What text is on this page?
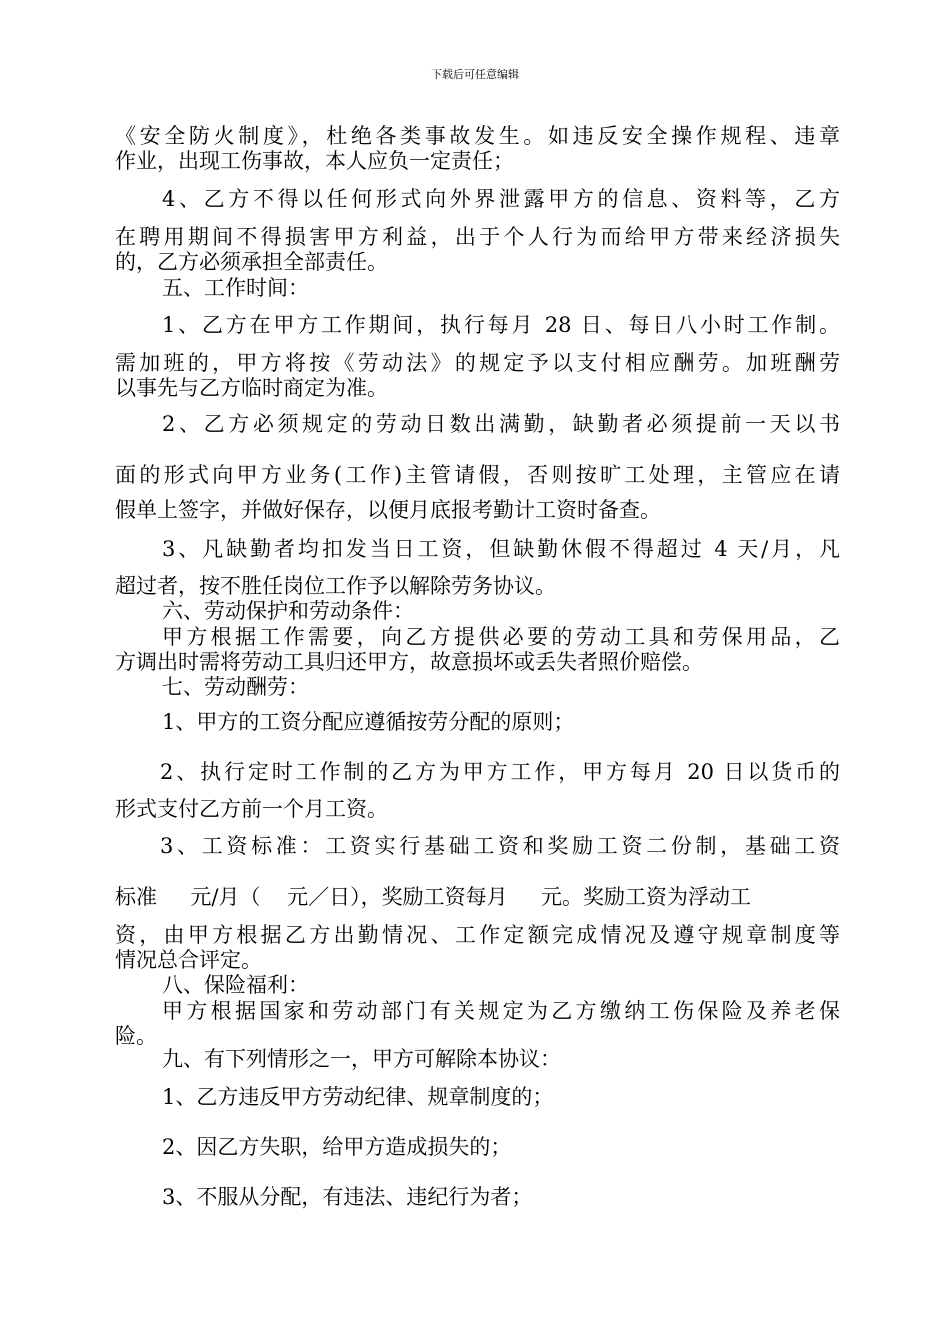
下载后可任意编辑
《安全防火制度》，杜绝各类事故发生。如违反安全操作规程、违章
作业，出现工伤事故，本人应负一定责任；
4、乙方不得以任何形式向外界泄露甲方的信息、资料等，乙方
在聘用期间不得损害甲方利益，出于个人行为而给甲方带来经济损失
的，乙方必须承担全部责任。
五、工作时间：
1、乙方在甲方工作期间，执行每月 28 日、每日八小时工作制。
需加班的，甲方将按《劳动法》的规定予以支付相应酬劳。加班酬劳
以事先与乙方临时商定为准。
2、乙方必须规定的劳动日数出满勤，缺勤者必须提前一天以书
面的形式向甲方业务(工作)主管请假，否则按旷工处理，主管应在请
假单上签字，并做好保存，以便月底报考勤计工资时备查。
3、凡缺勤者均扣发当日工资，但缺勤休假不得超过 4 天/月，凡
超过者，按不胜任岗位工作予以解除劳务协议。
六、劳动保护和劳动条件：
甲方根据工作需要，向乙方提供必要的劳动工具和劳保用品，乙
方调出时需将劳动工具归还甲方，故意损坏或丢失者照价赔偿。
七、劳动酬劳：
1、甲方的工资分配应遵循按劳分配的原则；
2、执行定时工作制的乙方为甲方工作，甲方每月 20 日以货币的
形式支付乙方前一个月工资。
3、工资标准：工资实行基础工资和奖励工资二份制，基础工资
标准     元/月（    元／日），奖励工资每月     元。奖励工资为浮动工
资，由甲方根据乙方出勤情况、工作定额完成情况及遵守规章制度等
情况总合评定。
八、保险福利：
甲方根据国家和劳动部门有关规定为乙方缴纳工伤保险及养老保
险。
九、有下列情形之一，甲方可解除本协议：
1、乙方违反甲方劳动纪律、规章制度的；
2、因乙方失职，给甲方造成损失的；
3、不服从分配，有违法、违纪行为者；
